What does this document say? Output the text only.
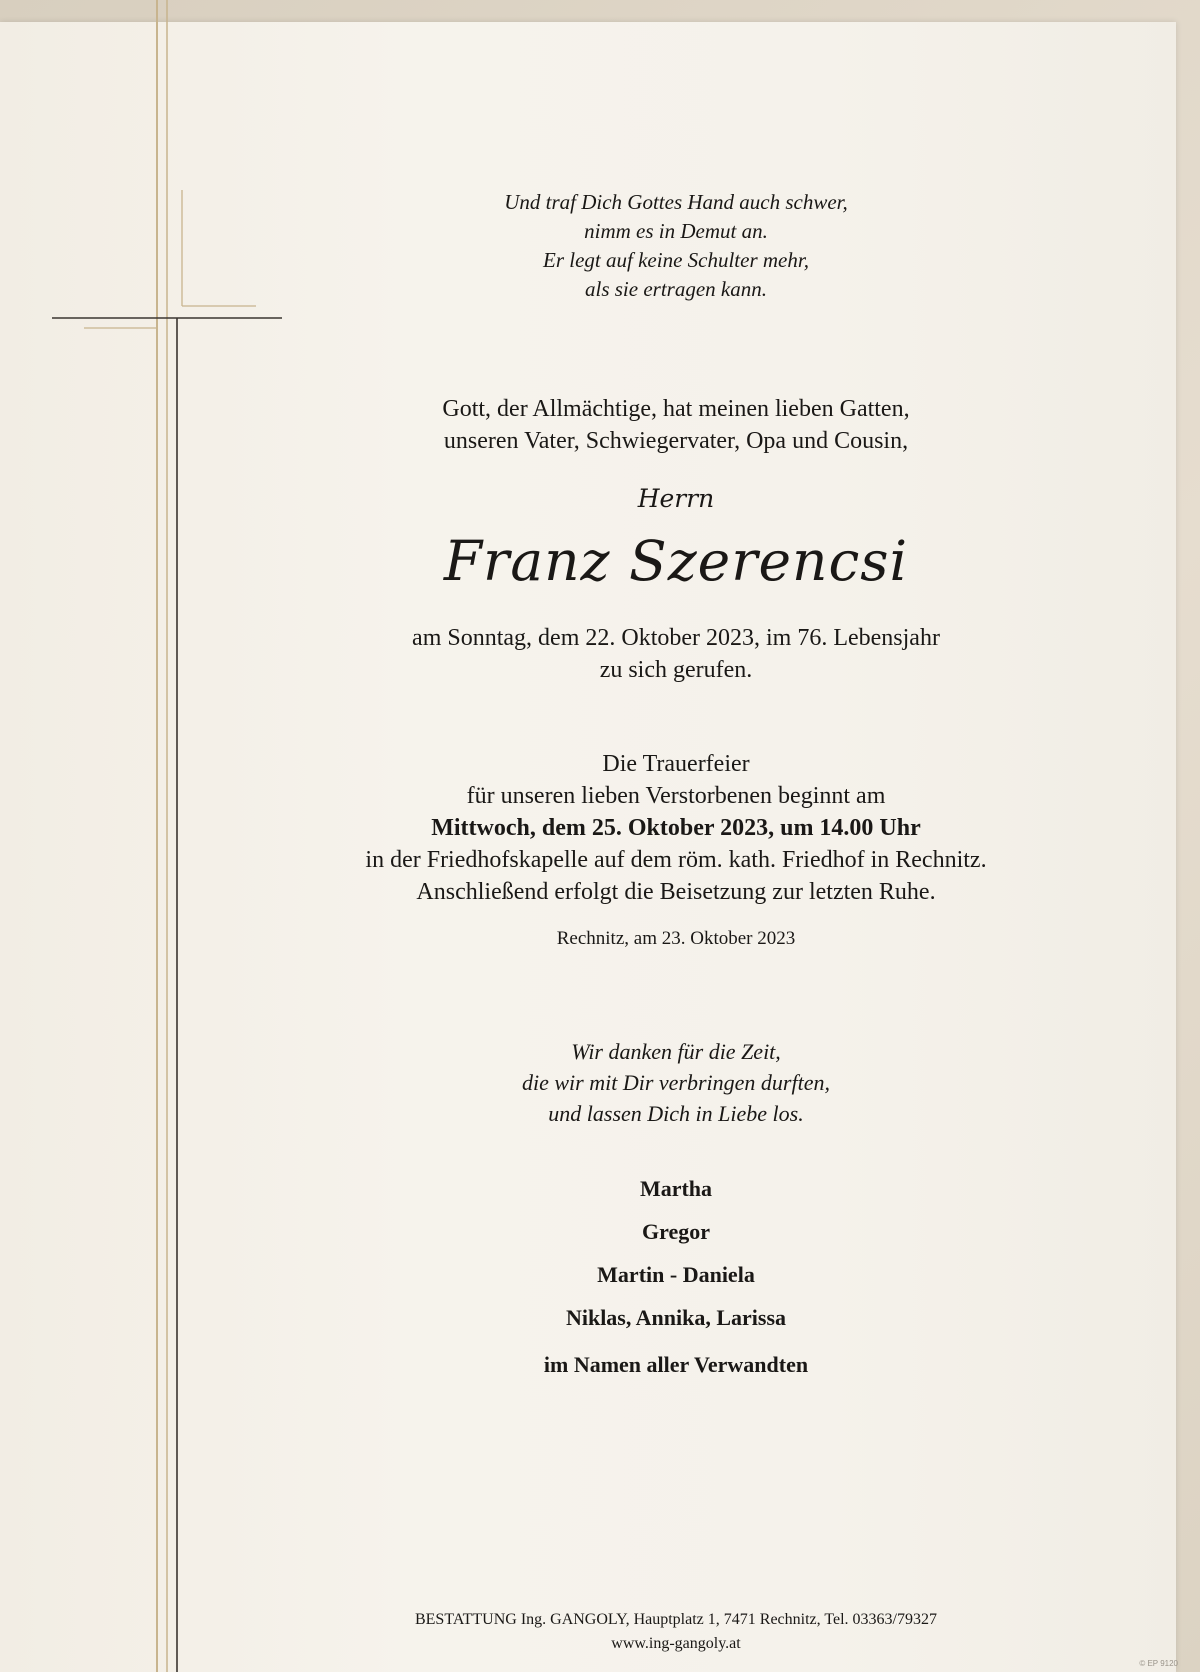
Und traf Dich Gottes Hand auch schwer,
nimm es in Demut an.
Er legt auf keine Schulter mehr,
als sie ertragen kann.
Gott, der Allmächtige, hat meinen lieben Gatten,
unseren Vater, Schwiegervater, Opa und Cousin,
Herrn
Franz Szerencsi
am Sonntag, dem 22. Oktober 2023, im 76. Lebensjahr
zu sich gerufen.
Die Trauerfeier
für unseren lieben Verstorbenen beginnt am
Mittwoch, dem 25. Oktober 2023, um 14.00 Uhr
in der Friedhofskapelle auf dem röm. kath. Friedhof in Rechnitz.
Anschließend erfolgt die Beisetzung zur letzten Ruhe.
Rechnitz, am 23. Oktober 2023
Wir danken für die Zeit,
die wir mit Dir verbringen durften,
und lassen Dich in Liebe los.
Martha
Gregor
Martin - Daniela
Niklas, Annika, Larissa
im Namen aller Verwandten
BESTATTUNG Ing. GANGOLY, Hauptplatz 1, 7471 Rechnitz, Tel. 03363/79327
www.ing-gangoly.at
© EP 9120
